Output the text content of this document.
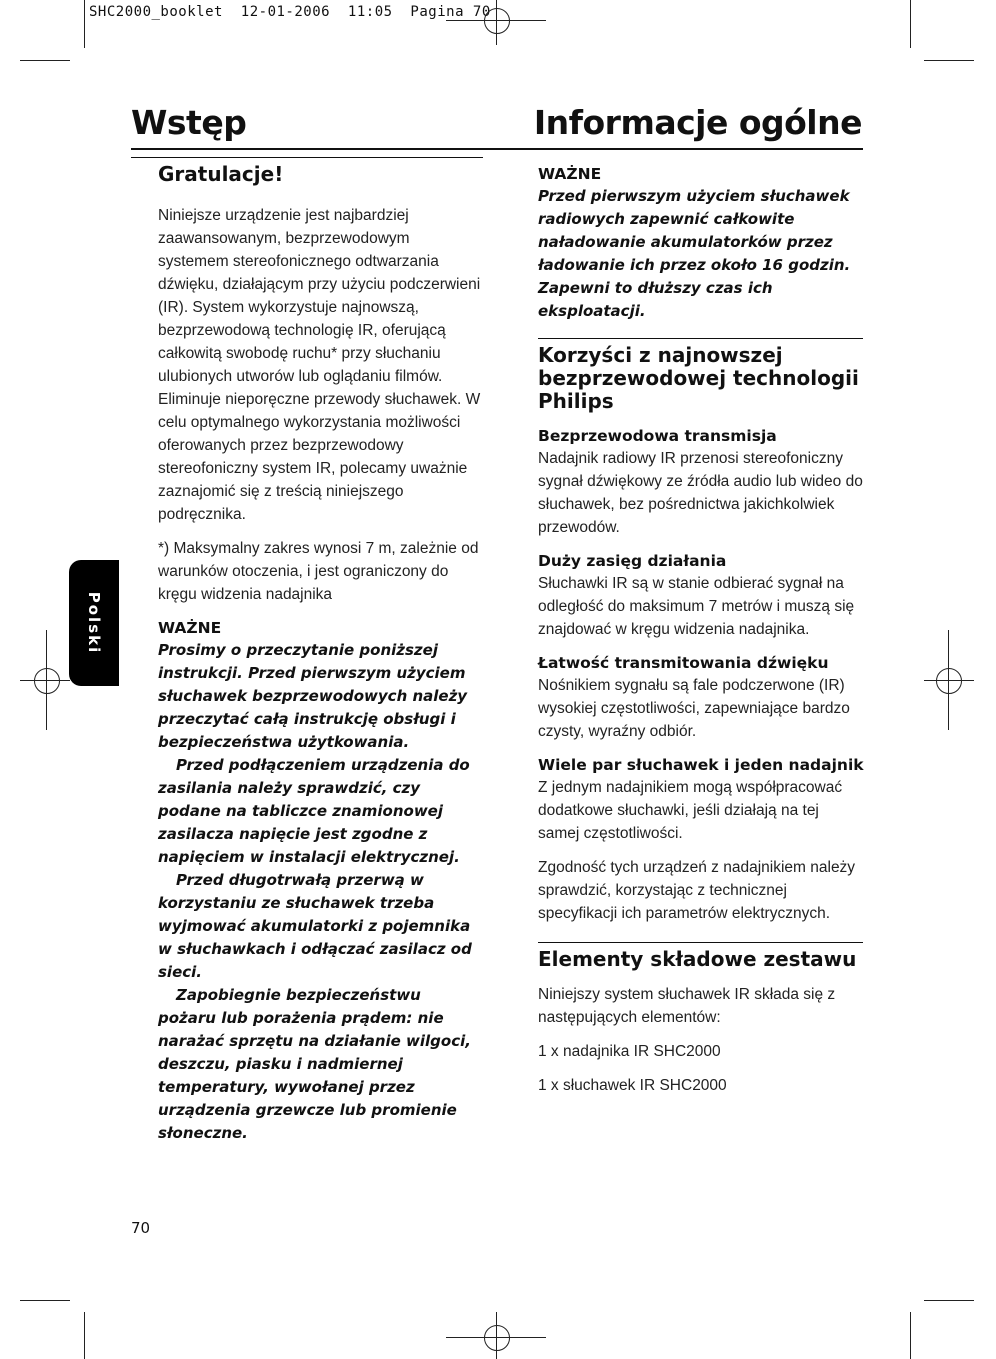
SHC2000_booklet  12-01-2006  11:05  Pagina 70
Wstęp	Informacje ogólne
Polski
Gratulacje!

Niniejsze urządzenie jest najbardziej zaawansowanym, bezprzewodowym systemem stereofonicznego odtwarzania dźwięku, działającym przy użyciu podczerwieni (IR). System wykorzystuje najnowszą, bezprzewodową technologię IR, oferującą całkowitą swobodę ruchu* przy słuchaniu ulubionych utworów lub oglądaniu filmów. Eliminuje nieporęczne przewody słuchawek. W celu optymalnego wykorzystania możliwości oferowanych przez bezprzewodowy stereofoniczny system IR, polecamy uważnie zaznajomić się z treścią niniejszego podręcznika.

*) Maksymalny zakres wynosi 7 m, zależnie od warunków otoczenia, i jest ograniczony do kręgu widzenia nadajnika

WAŻNE

Prosimy o przeczytanie poniższej instrukcji. Przed pierwszym użyciem słuchawek bezprzewodowych należy przeczytać całą instrukcję obsługi i bezpieczeństwa użytkowania.

Przed podłączeniem urządzenia do zasilania należy sprawdzić, czy podane na tabliczce znamionowej zasilacza napięcie jest zgodne z napięciem w instalacji elektrycznej.

Przed długotrwałą przerwą w korzystaniu ze słuchawek trzeba wyjmować akumulatorki z pojemnika w słuchawkach i odłączać zasilacz od sieci.

Zapobiegnie bezpieczeństwu pożaru lub porażenia prądem: nie narażać sprzętu na działanie wilgoci, deszczu, piasku i nadmiernej temperatury, wywołanej przez urządzenia grzewcze lub promienie słoneczne.

WAŻNE

Przed pierwszym użyciem słuchawek radiowych zapewnić całkowite naładowanie akumulatorków przez ładowanie ich przez około 16 godzin. Zapewni to dłuższy czas ich eksploatacji.

Korzyści z najnowszej bezprzewodowej technologii Philips
Bezprzewodowa transmisja

Nadajnik radiowy IR przenosi stereofoniczny sygnał dźwiękowy ze źródła audio lub wideo do słuchawek, bez pośrednictwa jakichkolwiek przewodów.

Duży zasięg działania

Słuchawki IR są w stanie odbierać sygnał na odległość do maksimum 7 metrów i muszą się znajdować w kręgu widzenia nadajnika.

Łatwość transmitowania dźwięku

Nośnikiem sygnału są fale podczerwone (IR) wysokiej częstotliwości, zapewniające bardzo czysty, wyraźny odbiór.

Wiele par słuchawek i jeden nadajnik

Z jednym nadajnikiem mogą współpracować dodatkowe słuchawki, jeśli działają na tej samej częstotliwości.

Zgodność tych urządzeń z nadajnikiem należy sprawdzić, korzystając z technicznej specyfikacji ich parametrów elektrycznych.

Elementy składowe zestawu

Niniejszy system słuchawek IR składa się z następujących elementów:

1 x nadajnika IR SHC2000

1 x słuchawek IR SHC2000

70
